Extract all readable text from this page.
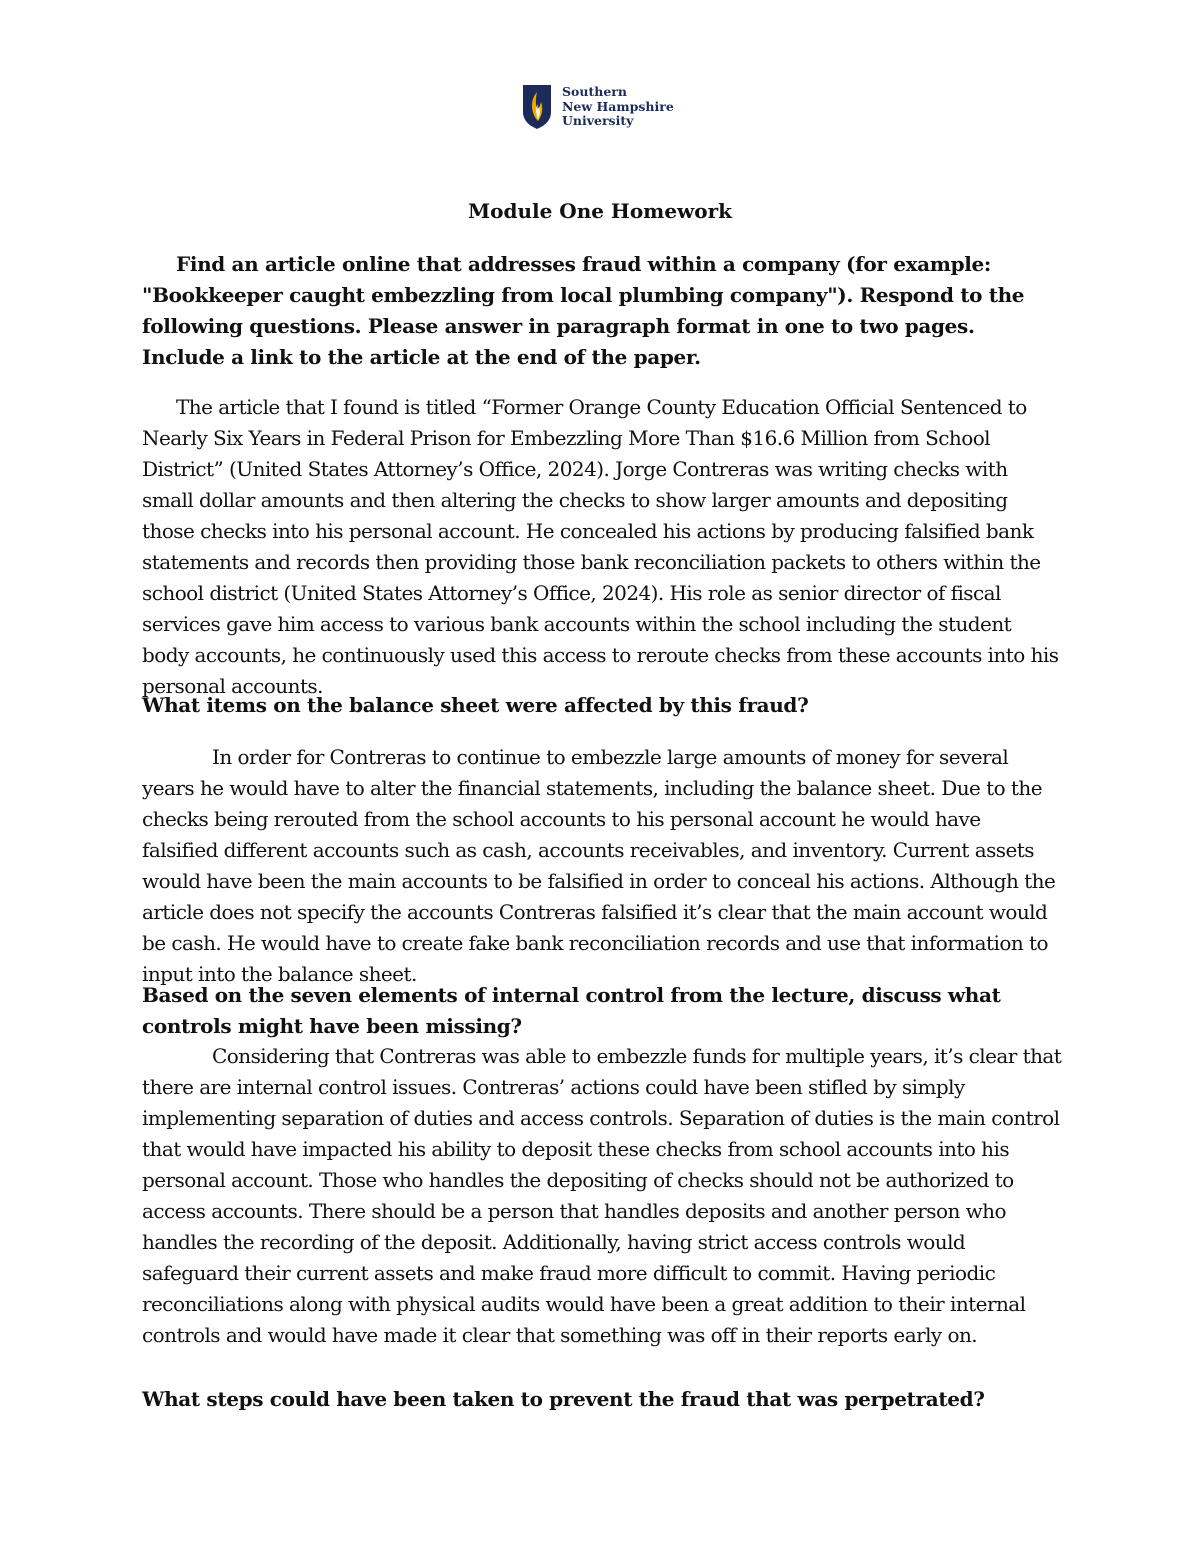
Southern
New Hampshire
University
Module One Homework

Find an article online that addresses fraud within a company (for example: "Bookkeeper caught embezzling from local plumbing company"). Respond to the following questions. Please answer in paragraph format in one to two pages. Include a link to the article at the end of the paper.

The article that I found is titled “Former Orange County Education Official Sentenced to Nearly Six Years in Federal Prison for Embezzling More Than $16.6 Million from School District” (United States Attorney’s Office, 2024). Jorge Contreras was writing checks with small dollar amounts and then altering the checks to show larger amounts and depositing those checks into his personal account. He concealed his actions by producing falsified bank statements and records then providing those bank reconciliation packets to others within the school district (United States Attorney’s Office, 2024). His role as senior director of fiscal services gave him access to various bank accounts within the school including the student body accounts, he continuously used this access to reroute checks from these accounts into his personal accounts.

What items on the balance sheet were affected by this fraud?

In order for Contreras to continue to embezzle large amounts of money for several years he would have to alter the financial statements, including the balance sheet. Due to the checks being rerouted from the school accounts to his personal account he would have falsified different accounts such as cash, accounts receivables, and inventory. Current assets would have been the main accounts to be falsified in order to conceal his actions. Although the article does not specify the accounts Contreras falsified it’s clear that the main account would be cash. He would have to create fake bank reconciliation records and use that information to input into the balance sheet.

Based on the seven elements of internal control from the lecture, discuss what controls might have been missing?

Considering that Contreras was able to embezzle funds for multiple years, it’s clear that there are internal control issues. Contreras’ actions could have been stifled by simply implementing separation of duties and access controls. Separation of duties is the main control that would have impacted his ability to deposit these checks from school accounts into his personal account. Those who handles the depositing of checks should not be authorized to access accounts. There should be a person that handles deposits and another person who handles the recording of the deposit. Additionally, having strict access controls would safeguard their current assets and make fraud more difficult to commit. Having periodic reconciliations along with physical audits would have been a great addition to their internal controls and would have made it clear that something was off in their reports early on.

What steps could have been taken to prevent the fraud that was perpetrated?
